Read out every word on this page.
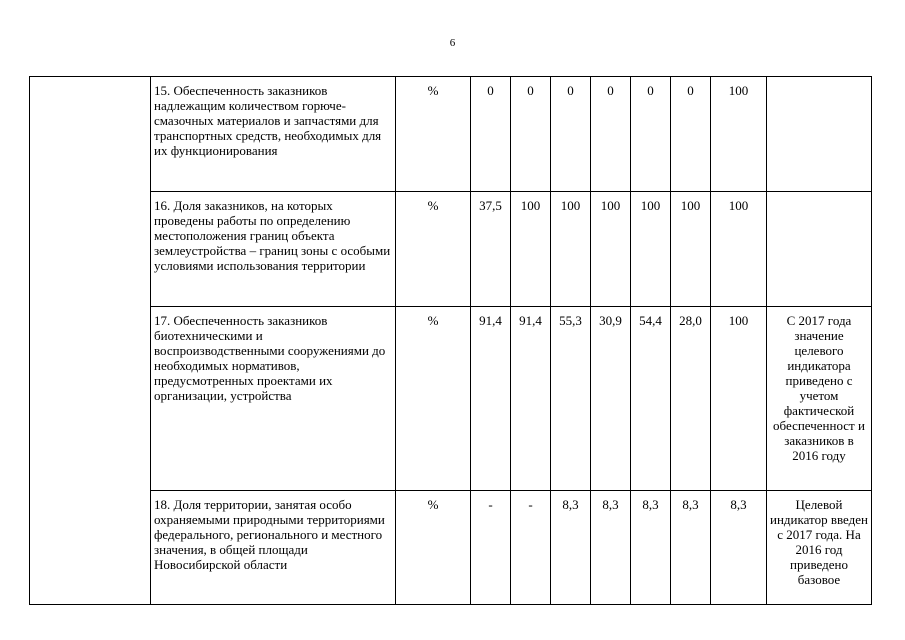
6
	15. Обеспеченность заказников надлежащим количеством горюче-смазочных материалов и запчастями для транспортных средств, необходимых для их функционирования	%	0	0	0	0	0	0	100	
	16. Доля заказников, на которых проведены работы по определению местоположения границ объекта землеустройства – границ зоны с особыми условиями использования территории	%	37,5	100	100	100	100	100	100	
	17. Обеспеченность заказников биотехническими и воспроизводственными сооружениями до необходимых нормативов, предусмотренных проектами их организации, устройства	%	91,4	91,4	55,3	30,9	54,4	28,0	100	С 2017 года значение целевого индикатора приведено с учетом фактической обеспеченност и заказников в 2016 году
	18. Доля территории, занятая особо охраняемыми природными территориями федерального, регионального и местного значения, в общей площади Новосибирской области	%	-	-	8,3	8,3	8,3	8,3	8,3	Целевой индикатор введен с 2017 года. На 2016 год приведено базовое
